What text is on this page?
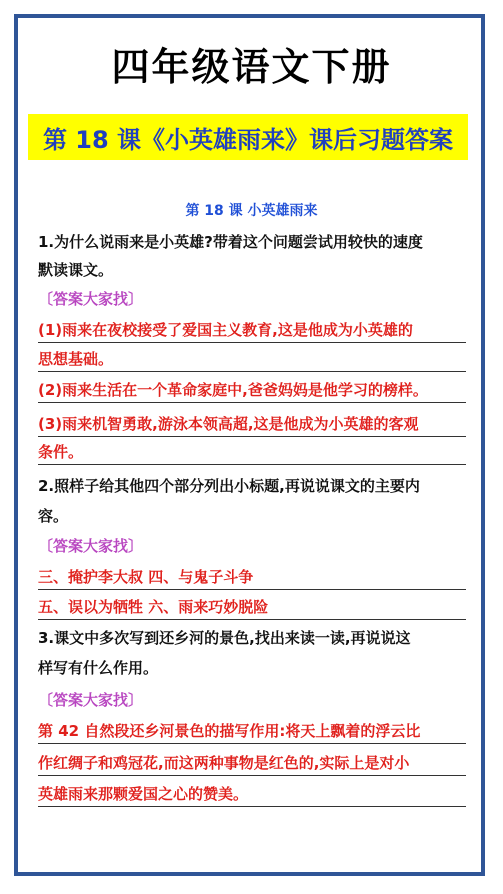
四年级语文下册
第 18 课《小英雄雨来》课后习题答案
第 18 课 小英雄雨来
1.为什么说雨来是小英雄?带着这个问题尝试用较快的速度
默读课文。
〔答案大家找〕
(1)雨来在夜校接受了爱国主义教育,这是他成为小英雄的
思想基础。
(2)雨来生活在一个革命家庭中,爸爸妈妈是他学习的榜样。
(3)雨来机智勇敢,游泳本领高超,这是他成为小英雄的客观
条件。
2.照样子给其他四个部分列出小标题,再说说课文的主要内
容。
〔答案大家找〕
三、掩护李大叔 四、与鬼子斗争
五、误以为牺牲 六、雨来巧妙脱险
3.课文中多次写到还乡河的景色,找出来读一读,再说说这
样写有什么作用。
〔答案大家找〕
第 42 自然段还乡河景色的描写作用:将天上飘着的浮云比
作红绸子和鸡冠花,而这两种事物是红色的,实际上是对小
英雄雨来那颗爱国之心的赞美。
